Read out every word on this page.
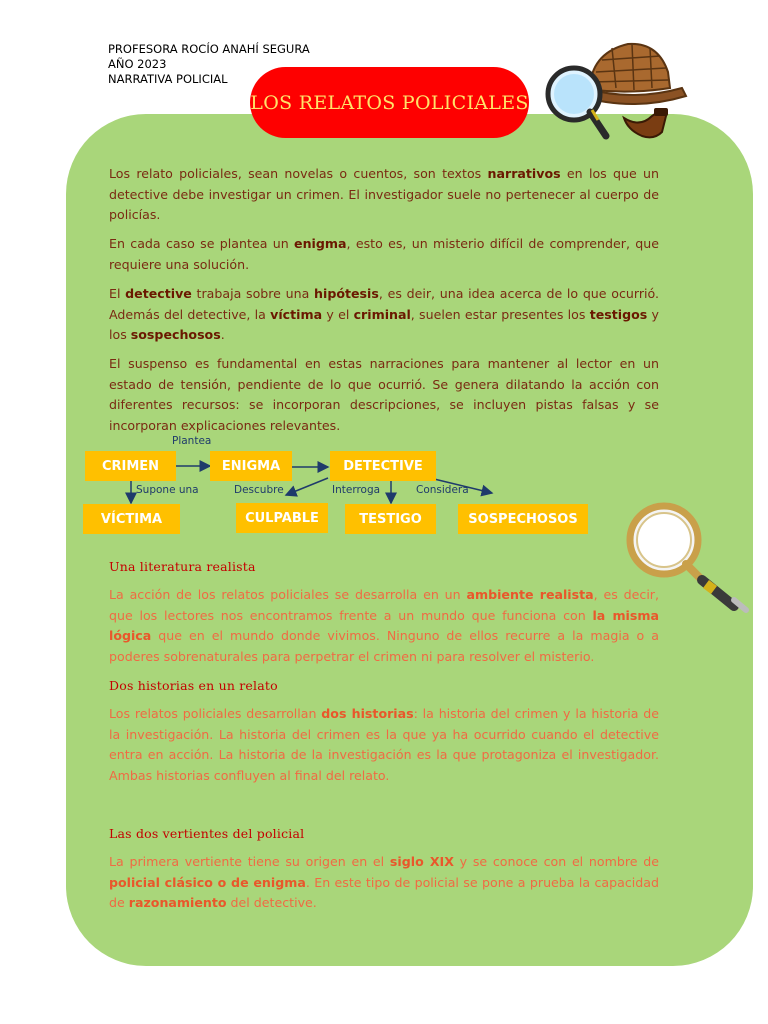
PROFESORA ROCÍO ANAHÍ SEGURA
AÑO 2023
NARRATIVA POLICIAL
LOS RELATOS POLICIALES
Los relato policiales, sean novelas o cuentos, son textos narrativos en los que un detective debe investigar un crimen. El investigador suele no pertenecer al cuerpo de policías.
En cada caso se plantea un enigma, esto es, un misterio difícil de comprender, que requiere una solución.
El detective trabaja sobre una hipótesis, es deir, una idea acerca de lo que ocurrió. Además del detective, la víctima y el criminal, suelen estar presentes los testigos y los sospechosos.
El suspenso es fundamental en estas narraciones para mantener al lector en un estado de tensión, pendiente de lo que ocurrió. Se genera dilatando la acción con diferentes recursos: se incorporan descripciones, se incluyen pistas falsas y se incorporan explicaciones relevantes.
CRIMEN	ENIGMA	DETECTIVE
VÍCTIMA	CULPABLE	TESTIGO	SOSPECHOSOS
Plantea
Supone una	Descubre	Interroga	Considera
Una literatura realista
La acción de los relatos policiales se desarrolla en un ambiente realista, es decir, que los lectores nos encontramos frente a un mundo que funciona con la misma lógica que en el mundo donde vivimos. Ninguno de ellos recurre a la magia o a poderes sobrenaturales para perpetrar el crimen ni para resolver el misterio.
Dos historias en un relato
Los relatos policiales desarrollan dos historias: la historia del crimen y la historia de la investigación. La historia del crimen es la que ya ha ocurrido cuando el detective entra en acción. La historia de la investigación es la que protagoniza el investigador. Ambas historias confluyen al final del relato.
Las dos vertientes del policial
La primera vertiente tiene su origen en el siglo XIX y se conoce con el nombre de policial clásico o de enigma. En este tipo de policial se pone a prueba la capacidad de razonamiento del detective.
